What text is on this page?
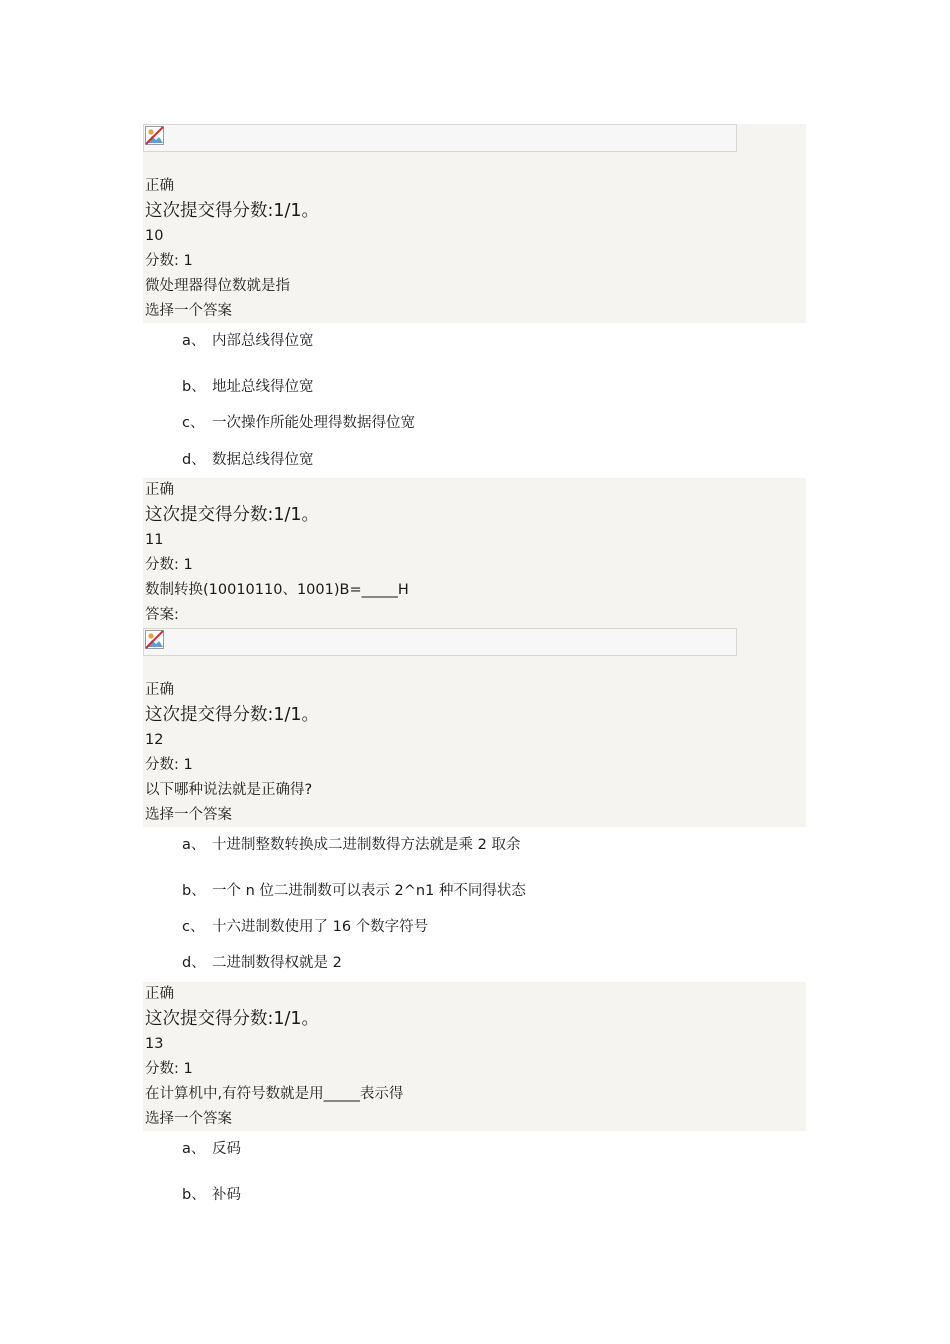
正确
这次提交得分数:1/1。
10
分数: 1
微处理器得位数就是指
选择一个答案
a、 内部总线得位宽
b、 地址总线得位宽
c、 一次操作所能处理得数据得位宽
d、 数据总线得位宽
正确
这次提交得分数:1/1。
11
分数: 1
数制转换(10010110、1001)B=_____H
答案:
正确
这次提交得分数:1/1。
12
分数: 1
以下哪种说法就是正确得?
选择一个答案
a、 十进制整数转换成二进制数得方法就是乘 2 取余
b、 一个 n 位二进制数可以表示 2^n1 种不同得状态
c、 十六进制数使用了 16 个数字符号
d、 二进制数得权就是 2
正确
这次提交得分数:1/1。
13
分数: 1
在计算机中,有符号数就是用_____表示得
选择一个答案
a、 反码
b、 补码
